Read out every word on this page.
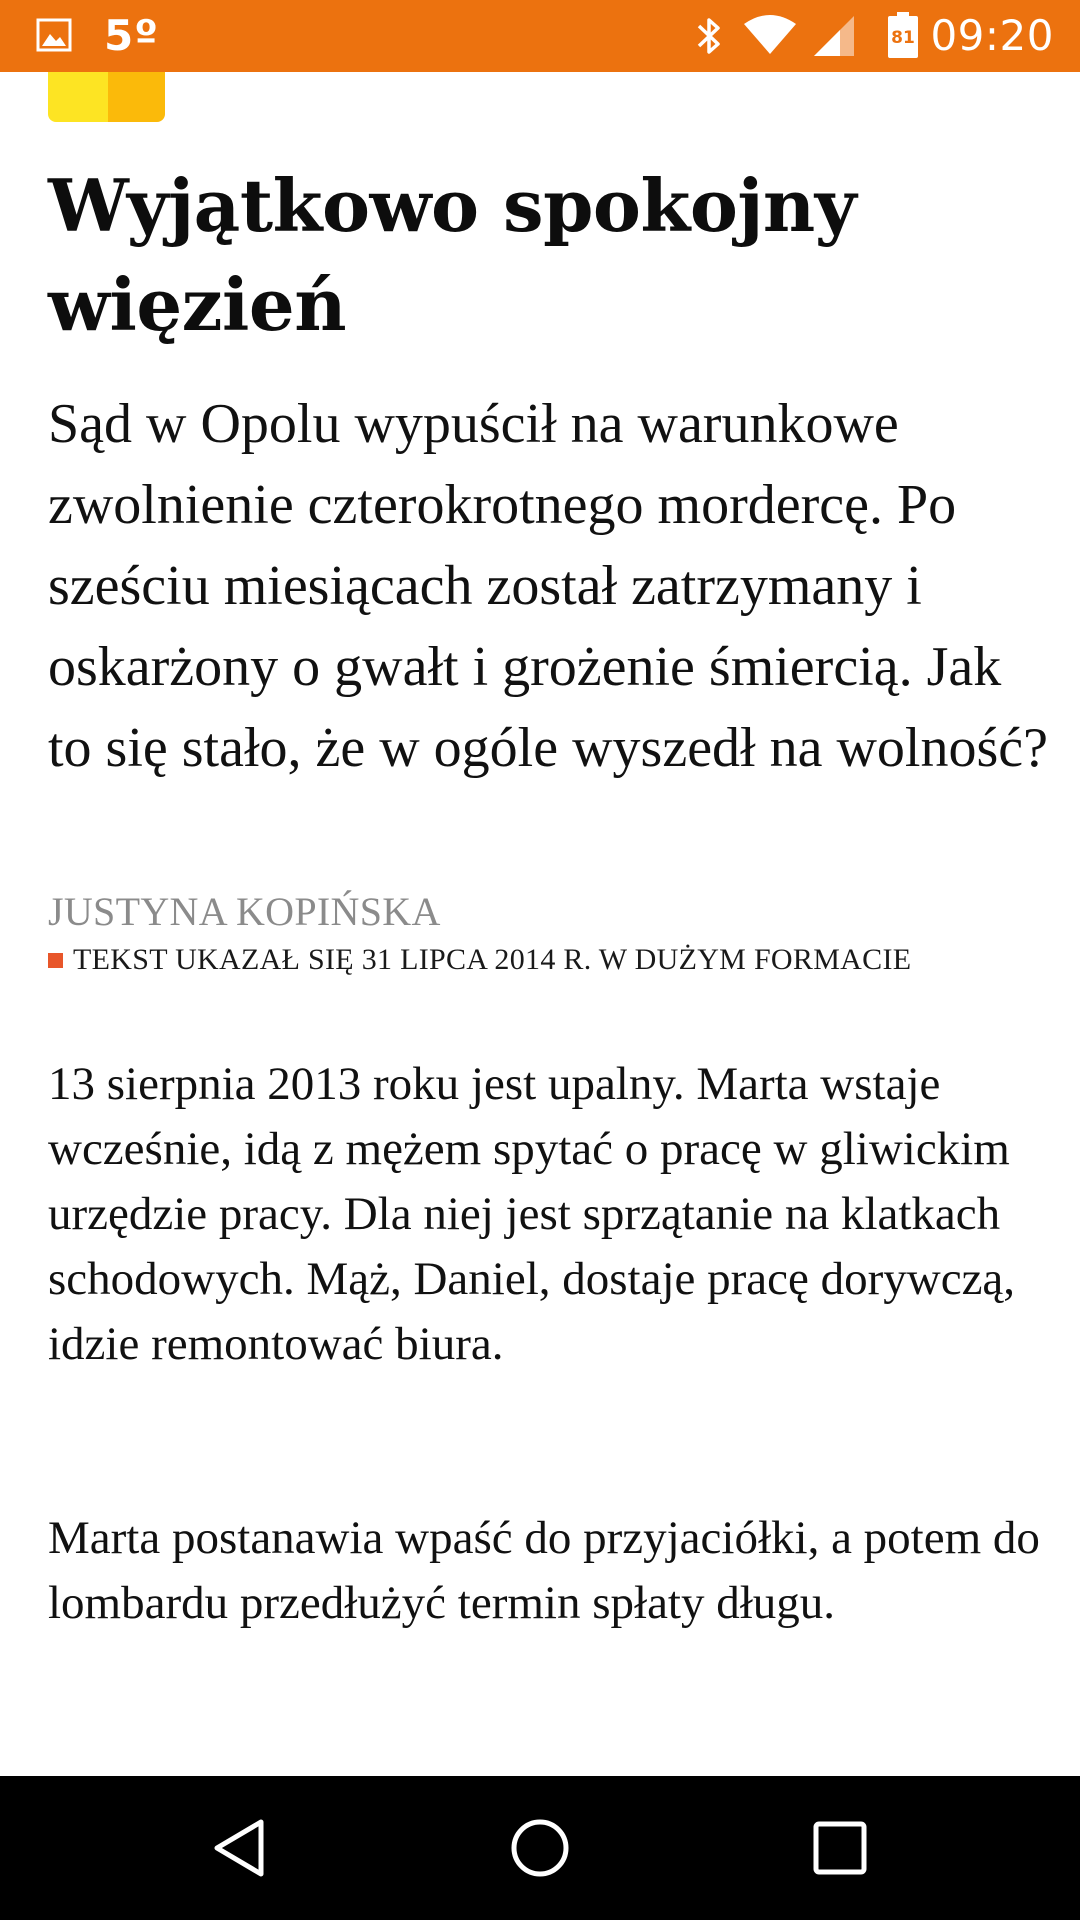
5º	81 09:20
Wyjątkowo spokojny więzień

Sąd w Opolu wypuścił na warunkowe zwolnienie czterokrotnego mordercę. Po sześciu miesiącach został zatrzymany i oskarżony o gwałt i grożenie śmiercią. Jak to się stało, że w ogóle wyszedł na wolność?

JUSTYNA KOPIŃSKA

TEKST UKAZAŁ SIĘ 31 LIPCA 2014 R. W DUŻYM FORMACIE

13 sierpnia 2013 roku jest upalny. Marta wstaje wcześnie, idą z mężem spytać o pracę w gliwickim urzędzie pracy. Dla niej jest sprzątanie na klatkach schodowych. Mąż, Daniel, dostaje pracę dorywczą, idzie remontować biura.

Marta postanawia wpaść do przyjaciółki, a potem do lombardu przedłużyć termin spłaty długu.
